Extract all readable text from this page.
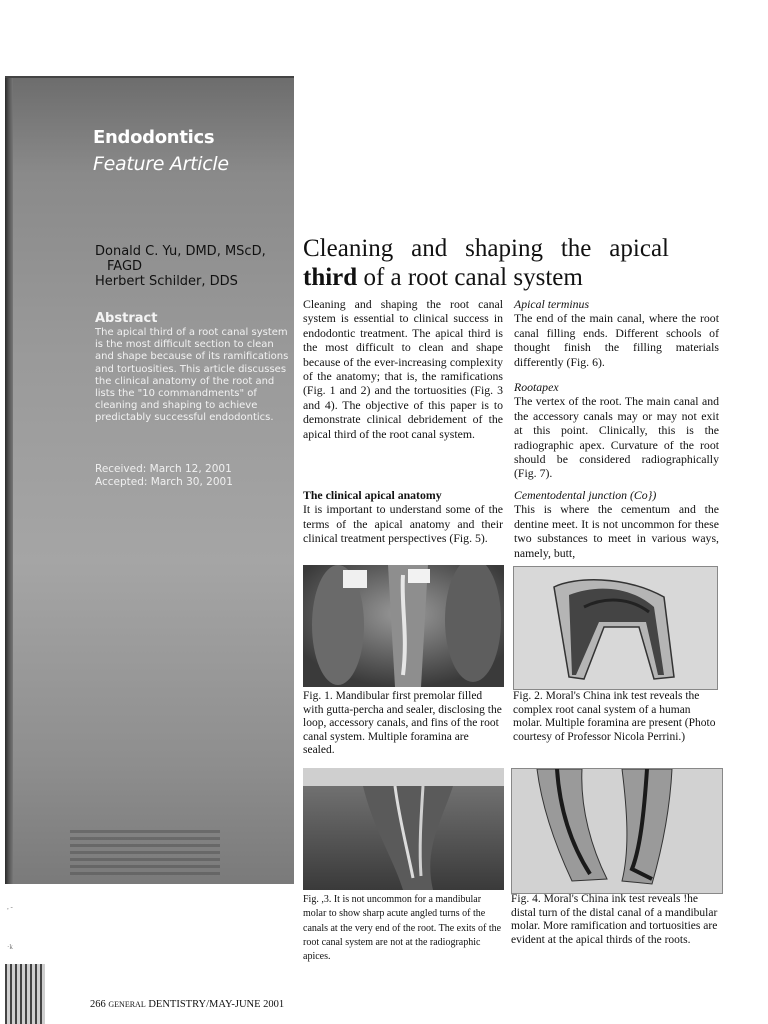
, -
·k
Endodontics
Feature Article
Donald C. Yu, DMD, MScD,
FAGD
Herbert Schilder, DDS
Abstract
The apical third of a root canal system is the most difficult section to clean and shape because of its ramifications and tortuosities. This article discusses the clinical anatomy of the root and lists the "10 commandments" of cleaning and shaping to achieve predictably successful endodontics.
Received: March 12, 2001
Accepted: March 30, 2001
Cleaning and shaping the apical
third of a root canal system

Cleaning and shaping the root canal system is essential to clinical success in endodontic treatment. The apical third is the most difficult to clean and shape because of the ever-increasing complexity of the anatomy; that is, the ramifications (Fig. 1 and 2) and the tortuosities (Fig. 3 and 4). The objective of this paper is to demonstrate clinical debridement of the apical third of the root canal system.

The clinical apical anatomy

It is important to understand some of the terms of the apical anatomy and their clinical treatment perspectives (Fig. 5).

Apical terminus

The end of the main canal, where the root canal filling ends. Different schools of thought finish the filling materials differently (Fig. 6).

Rootapex

The vertex of the root. The main canal and the accessory canals may or may not exit at this point. Clinically, this is the radiographic apex. Curvature of the root should be considered radiographically (Fig. 7).

Cementodental junction (Co})

This is where the cementum and the dentine meet. It is not uncommon for these two substances to meet in various ways, namely, butt,

Fig. 1. Mandibular first premolar filled with gutta-percha and sealer, disclosing the loop, accessory canals, and fins of the root canal system. Multiple foramina are sealed.
Fig. 2. Moral's China ink test reveals the complex root canal system of a human molar. Multiple foramina are present (Photo courtesy of Professor Nicola Perrini.)
Fig. ,3. It is not uncommon for a mandibular molar to show sharp acute angled turns of the canals at the very end of the root. The exits of the root canal system are not at the radiographic apices.
Fig. 4. Moral's China ink test reveals !he distal turn of the distal canal of a mandibular molar. More ramification and tortuosities are evident at the apical thirds of the roots.
266 GENERAL DENTISTRY/MAY-JUNE 2001
